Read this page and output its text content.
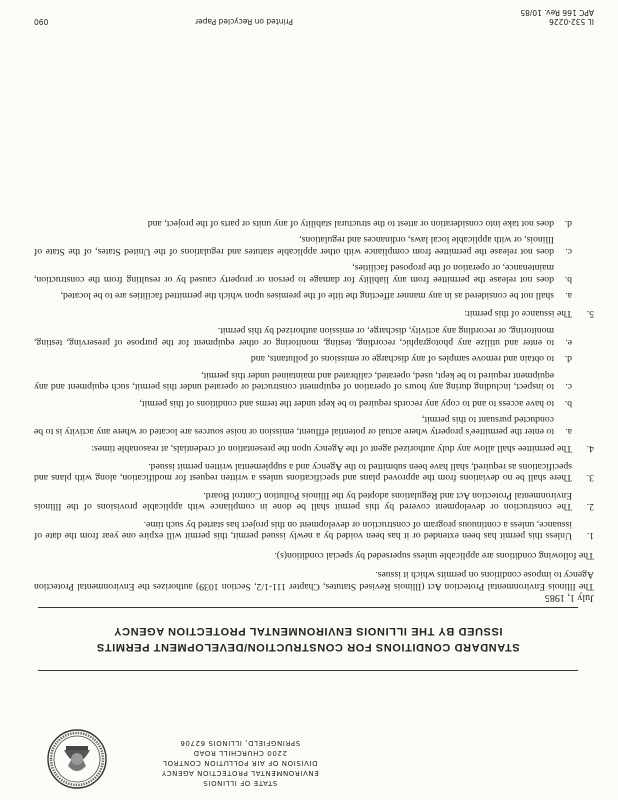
STATE OF ILLINOIS
ENVIRONMENTAL PROTECTION AGENCY
DIVISION OF AIR POLLUTION CONTROL
2200 CHURCHILL ROAD
SPRINGFIELD, ILLINOIS 62706
STANDARD CONDITIONS FOR CONSTRUCTION/DEVELOPMENT PERMITS
ISSUED BY THE ILLINOIS ENVIRONMENTAL PROTECTION AGENCY
July 1, 1985

The Illinois Environmental Protection Act (Illinois Revised Statutes, Chapter 111-1/2, Section 1039) authorizes the Environmental Protection Agency to impose conditions on permits which it issues.

The following conditions are applicable unless superseded by special condition(s).

1.
Unless this permit has been extended or it has been voided by a newly issued permit, this permit will expire one year from the date of issuance, unless a continuous program of construction or development on this project has started by such time.
2.
The construction or development covered by this permit shall be done in compliance with applicable provisions of the Illinois Environmental Protection Act and Regulations adopted by the Illinois Pollution Control Board.
3.
There shall be no deviations from the approved plans and specifications unless a written request for modification, along with plans and specifications as required, shall have been submitted to the Agency and a supplemental written permit issued.
4.
The permittee shall allow any duly authorized agent of the Agency upon the presentation of credentials, at reasonable times:
a.
to enter the permittee's property where actual or potential effluent, emission or noise sources are located or where any activity is to be conducted pursuant to this permit,
b.
to have access to and to copy any records required to be kept under the terms and conditions of this permit,
c.
to inspect, including during any hours of operation of equipment constructed or operated under this permit, such equipment and any equipment required to be kept, used, operated, calibrated and maintained under this permit,
d.
to obtain and remove samples of any discharge or emissions of pollutants, and
e.
to enter and utilize any photographic, recording, testing, monitoring or other equipment for the purpose of preserving, testing, monitoring, or recording any activity, discharge, or emission authorized by this permit.
5.
The issuance of this permit:
a.
shall not be considered as in any manner affecting the title of the premises upon which the permitted facilities are to be located,
b.
does not release the permittee from any liability for damage to person or property caused by or resulting from the construction, maintenance, or operation of the proposed facilities,
c.
does not release the permittee from compliance with other applicable statutes and regulations of the United States, of the State of Illinois, or with applicable local laws, ordinances and regulations,
d.
does not take into consideration or attest to the structural stability of any units or parts of the project, and
IL 532-0226
APC 166 Rev. 10/85
Printed on Recycled Paper
090
